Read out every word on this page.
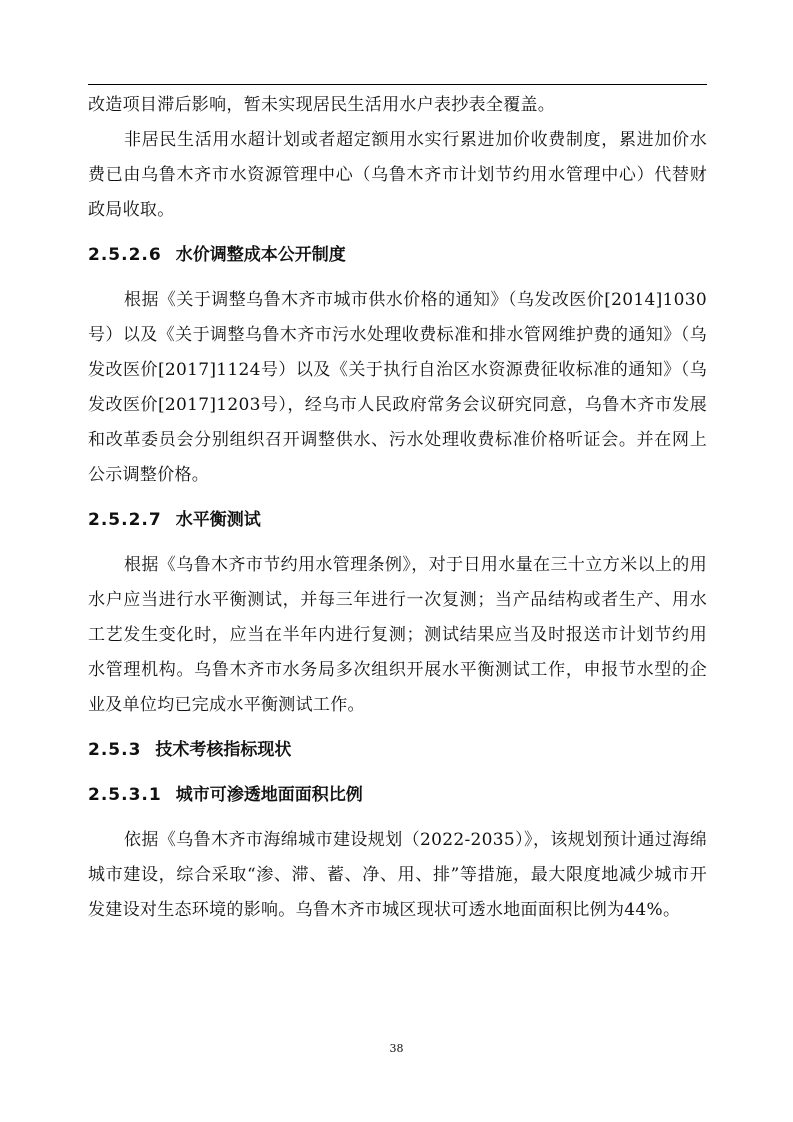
改造项目滞后影响，暂未实现居民生活用水户表抄表全覆盖。

非居民生活用水超计划或者超定额用水实行累进加价收费制度，累进加价水费已由乌鲁木齐市水资源管理中心（乌鲁木齐市计划节约用水管理中心）代替财政局收取。

2.5.2.6 水价调整成本公开制度

根据《关于调整乌鲁木齐市城市供水价格的通知》（乌发改医价[2014]1030号）以及《关于调整乌鲁木齐市污水处理收费标准和排水管网维护费的通知》（乌发改医价[2017]1124号）以及《关于执行自治区水资源费征收标准的通知》（乌发改医价[2017]1203号），经乌市人民政府常务会议研究同意，乌鲁木齐市发展和改革委员会分别组织召开调整供水、污水处理收费标准价格听证会。并在网上公示调整价格。

2.5.2.7 水平衡测试

根据《乌鲁木齐市节约用水管理条例》，对于日用水量在三十立方米以上的用水户应当进行水平衡测试，并每三年进行一次复测；当产品结构或者生产、用水工艺发生变化时，应当在半年内进行复测；测试结果应当及时报送市计划节约用水管理机构。乌鲁木齐市水务局多次组织开展水平衡测试工作，申报节水型的企业及单位均已完成水平衡测试工作。

2.5.3 技术考核指标现状
2.5.3.1 城市可渗透地面面积比例

依据《乌鲁木齐市海绵城市建设规划（2022-2035）》，该规划预计通过海绵城市建设，综合采取“渗、滞、蓄、净、用、排”等措施，最大限度地减少城市开发建设对生态环境的影响。乌鲁木齐市城区现状可透水地面面积比例为44%。

38
